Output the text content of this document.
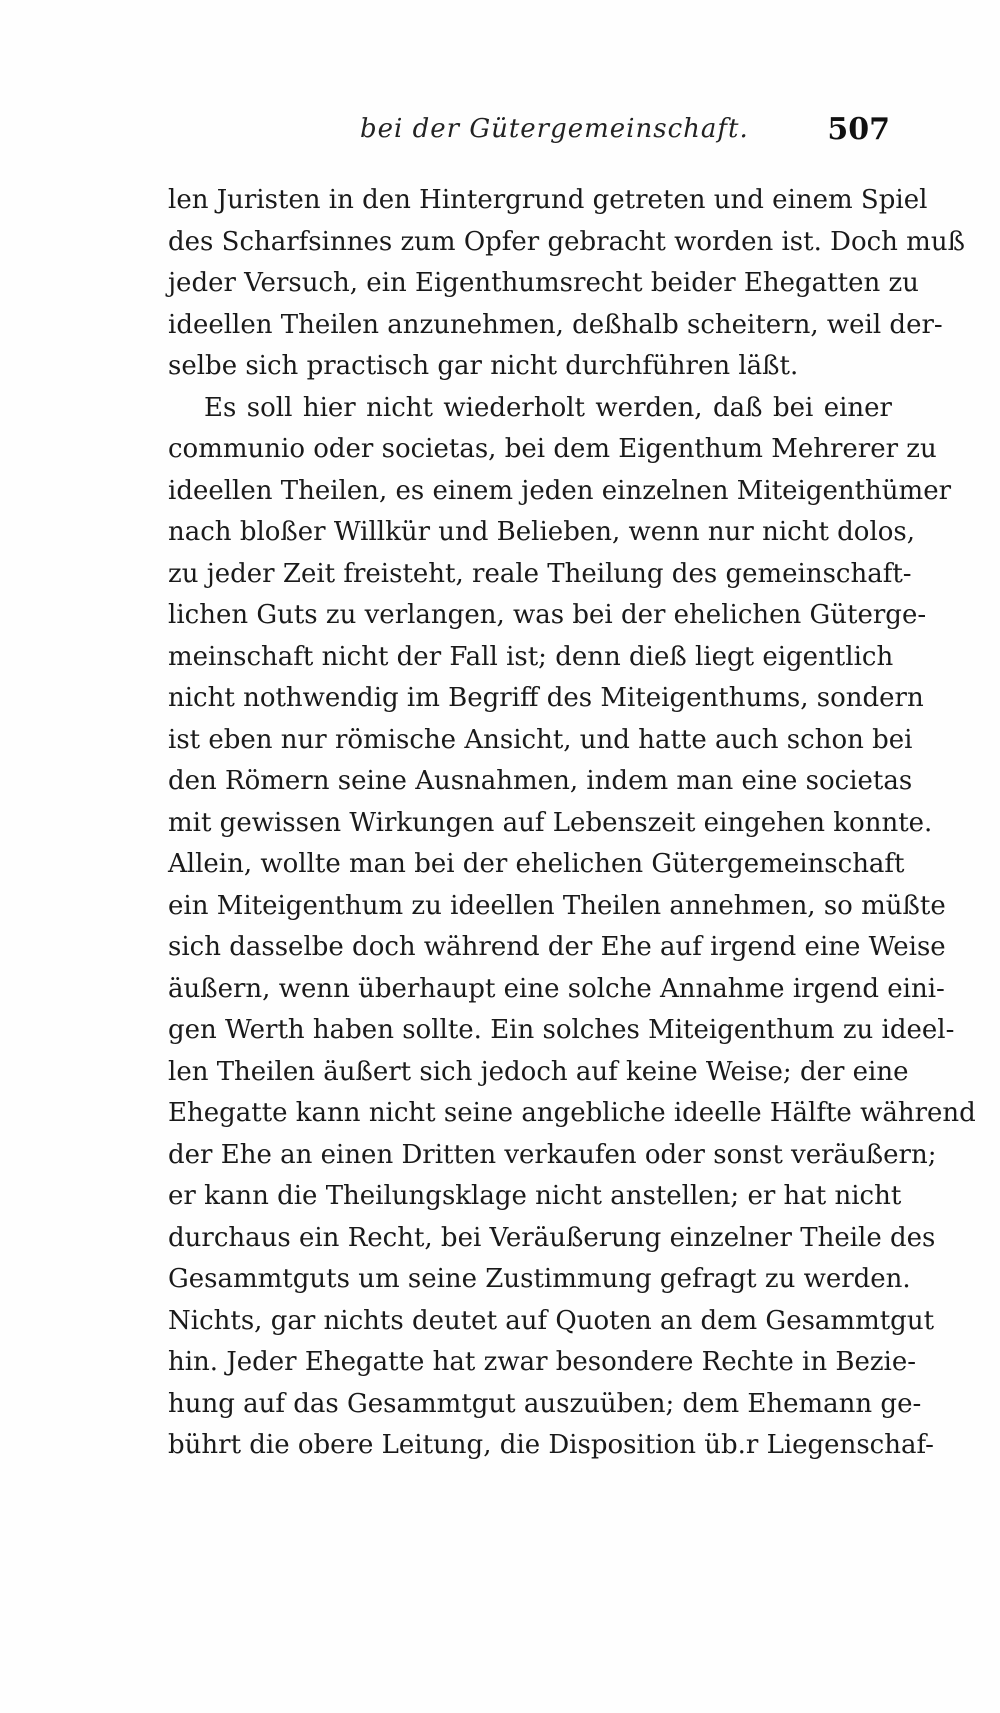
bei der Gütergemeinschaft.	507
len Juristen in den Hintergrund getreten und einem Spiel
des Scharfsinnes zum Opfer gebracht worden ist. Doch muß
jeder Versuch, ein Eigenthumsrecht beider Ehegatten zu
ideellen Theilen anzunehmen, deßhalb scheitern, weil der-
selbe sich practisch gar nicht durchführen läßt.
Es soll hier nicht wiederholt werden, daß bei einer
communio oder societas, bei dem Eigenthum Mehrerer zu
ideellen Theilen, es einem jeden einzelnen Miteigenthümer
nach bloßer Willkür und Belieben, wenn nur nicht dolos,
zu jeder Zeit freisteht, reale Theilung des gemeinschaft-
lichen Guts zu verlangen, was bei der ehelichen Güterge-
meinschaft nicht der Fall ist; denn dieß liegt eigentlich
nicht nothwendig im Begriff des Miteigenthums, sondern
ist eben nur römische Ansicht, und hatte auch schon bei
den Römern seine Ausnahmen, indem man eine societas
mit gewissen Wirkungen auf Lebenszeit eingehen konnte.
Allein, wollte man bei der ehelichen Gütergemeinschaft
ein Miteigenthum zu ideellen Theilen annehmen, so müßte
sich dasselbe doch während der Ehe auf irgend eine Weise
äußern, wenn überhaupt eine solche Annahme irgend eini-
gen Werth haben sollte. Ein solches Miteigenthum zu ideel-
len Theilen äußert sich jedoch auf keine Weise; der eine
Ehegatte kann nicht seine angebliche ideelle Hälfte während
der Ehe an einen Dritten verkaufen oder sonst veräußern;
er kann die Theilungsklage nicht anstellen; er hat nicht
durchaus ein Recht, bei Veräußerung einzelner Theile des
Gesammtguts um seine Zustimmung gefragt zu werden.
Nichts, gar nichts deutet auf Quoten an dem Gesammtgut
hin. Jeder Ehegatte hat zwar besondere Rechte in Bezie-
hung auf das Gesammtgut auszuüben; dem Ehemann ge-
bührt die obere Leitung, die Disposition üb.r Liegenschaf-
